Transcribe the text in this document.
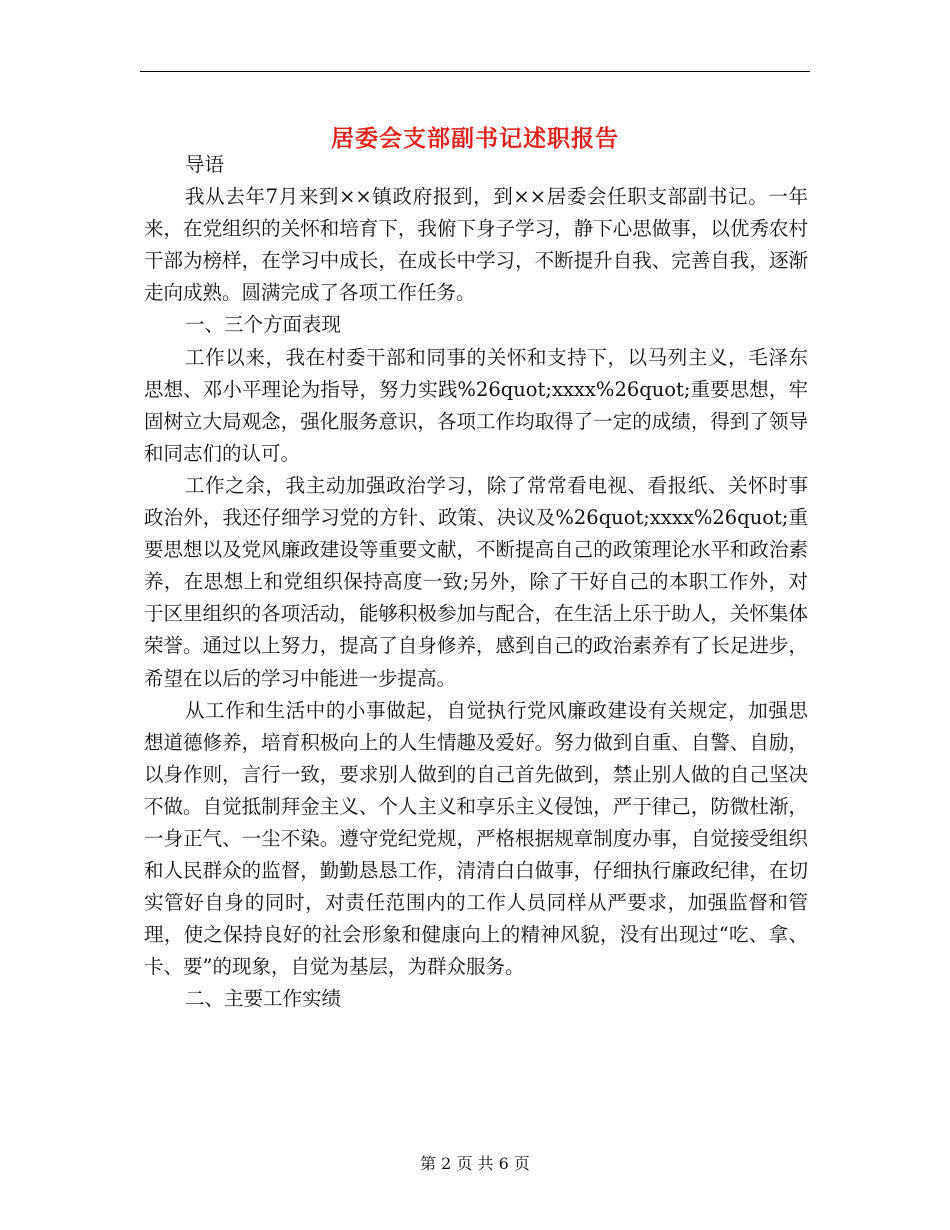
居委会支部副书记述职报告

导语

我从去年7月来到××镇政府报到，到××居委会任职支部副书记。一年来，在党组织的关怀和培育下，我俯下身子学习，静下心思做事，以优秀农村干部为榜样，在学习中成长，在成长中学习，不断提升自我、完善自我，逐渐走向成熟。圆满完成了各项工作任务。

一、三个方面表现

工作以来，我在村委干部和同事的关怀和支持下，以马列主义，毛泽东思想、邓小平理论为指导，努力实践%26quot;xxxx%26quot;重要思想，牢固树立大局观念，强化服务意识，各项工作均取得了一定的成绩，得到了领导和同志们的认可。

工作之余，我主动加强政治学习，除了常常看电视、看报纸、关怀时事政治外，我还仔细学习党的方针、政策、决议及%26quot;xxxx%26quot;重要思想以及党风廉政建设等重要文献，不断提高自己的政策理论水平和政治素养，在思想上和党组织保持高度一致;另外，除了干好自己的本职工作外，对于区里组织的各项活动，能够积极参加与配合，在生活上乐于助人，关怀集体荣誉。通过以上努力，提高了自身修养，感到自己的政治素养有了长足进步，希望在以后的学习中能进一步提高。

从工作和生活中的小事做起，自觉执行党风廉政建设有关规定，加强思想道德修养，培育积极向上的人生情趣及爱好。努力做到自重、自警、自励，以身作则，言行一致，要求别人做到的自己首先做到，禁止别人做的自己坚决不做。自觉抵制拜金主义、个人主义和享乐主义侵蚀，严于律己，防微杜渐，一身正气、一尘不染。遵守党纪党规，严格根据规章制度办事，自觉接受组织和人民群众的监督，勤勤恳恳工作，清清白白做事，仔细执行廉政纪律，在切实管好自身的同时，对责任范围内的工作人员同样从严要求，加强监督和管理，使之保持良好的社会形象和健康向上的精神风貌，没有出现过“吃、拿、卡、要”的现象，自觉为基层，为群众服务。

二、主要工作实绩

第 2 页 共 6 页
